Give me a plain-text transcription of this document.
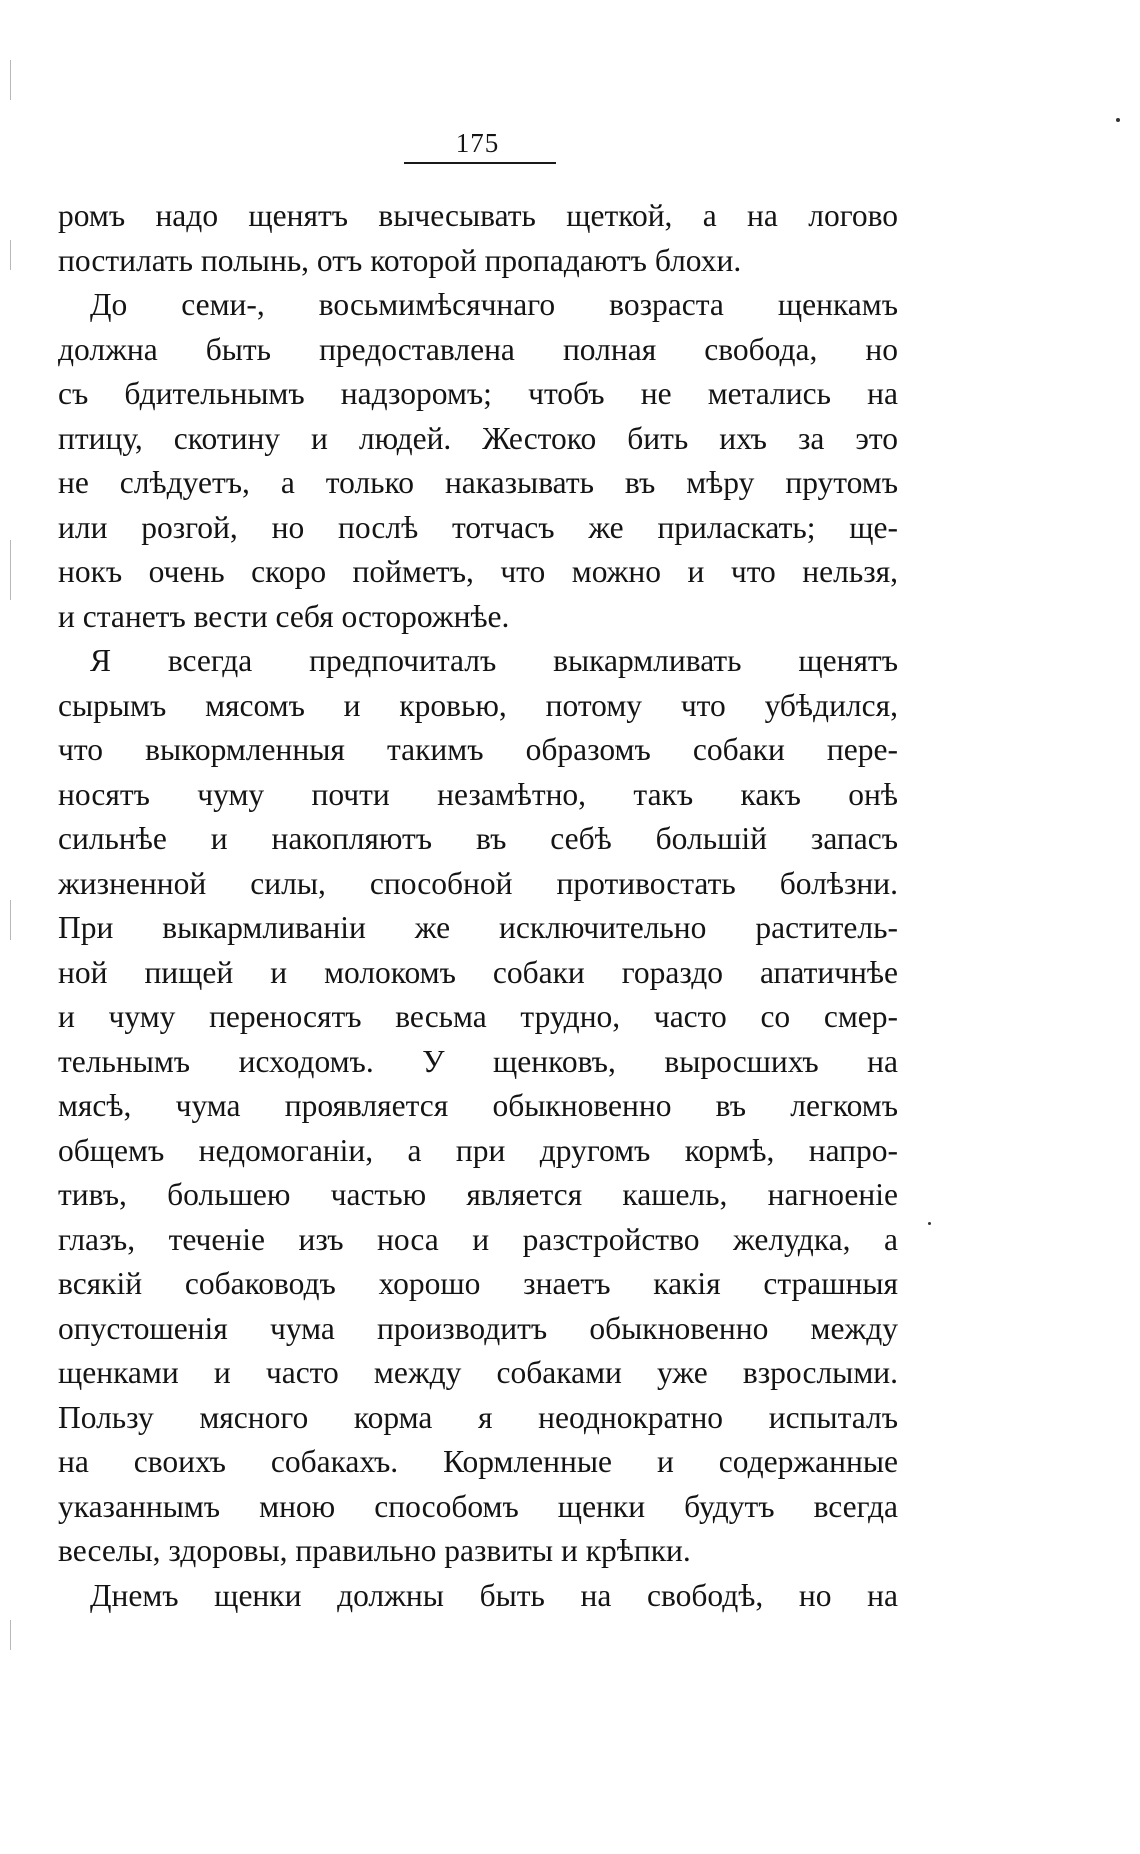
175
ромъ надо щенятъ вычесывать щеткой, а на логово
постилать полынь, отъ которой пропадаютъ блохи.
До семи-, восьмимѣсячнаго возраста щенкамъ
должна быть предоставлена полная свобода, но
съ бдительнымъ надзоромъ; чтобъ не метались на
птицу, скотину и людей. Жестоко бить ихъ за это
не слѣдуетъ, а только наказывать въ мѣру прутомъ
или розгой, но послѣ тотчасъ же приласкать; ще-
нокъ очень скоро пойметъ, что можно и что нельзя,
и станетъ вести себя осторожнѣе.
Я всегда предпочиталъ выкармливать щенятъ
сырымъ мясомъ и кровью, потому что убѣдился,
что выкормленныя такимъ образомъ собаки пере-
носятъ чуму почти незамѣтно, такъ какъ онѣ
сильнѣе и накопляютъ въ себѣ большій запасъ
жизненной силы, способной противостать болѣзни.
При выкармливаніи же исключительно раститель-
ной пищей и молокомъ собаки гораздо апатичнѣе
и чуму переносятъ весьма трудно, часто со смер-
тельнымъ исходомъ. У щенковъ, выросшихъ на
мясѣ, чума проявляется обыкновенно въ легкомъ
общемъ недомоганіи, а при другомъ кормѣ, напро-
тивъ, большею частью является кашель, нагноеніе
глазъ, теченіе изъ носа и разстройство желудка, а
всякій собаководъ хорошо знаетъ какія страшныя
опустошенія чума производитъ обыкновенно между
щенками и часто между собаками уже взрослыми.
Пользу мясного корма я неоднократно испыталъ
на своихъ собакахъ. Кормленные и содержанные
указаннымъ мною способомъ щенки будутъ всегда
веселы, здоровы, правильно развиты и крѣпки.
Днемъ щенки должны быть на свободѣ, но на
